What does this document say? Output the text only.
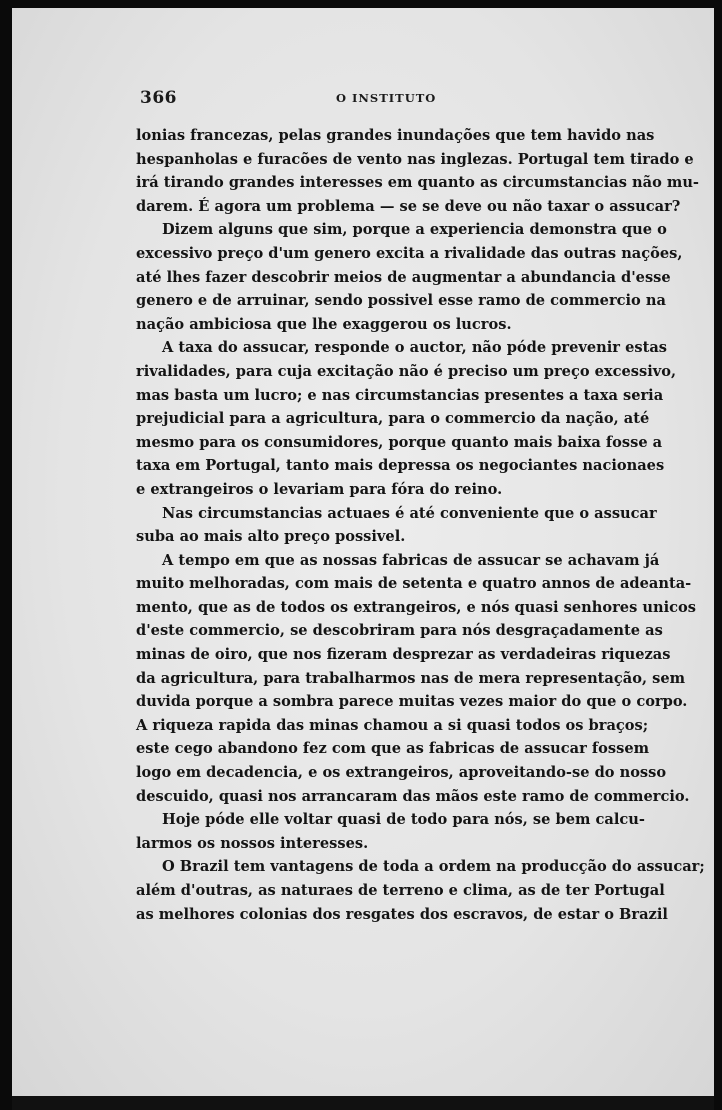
366	O INSTITUTO
lonias francezas, pelas grandes inundações que tem havido nas
hespanholas e furacões de vento nas inglezas. Portugal tem tirado e
irá tirando grandes interesses em quanto as circumstancias não mu-
darem. É agora um problema — se se deve ou não taxar o assucar?
Dizem alguns que sim, porque a experiencia demonstra que o
excessivo preço d'um genero excita a rivalidade das outras nações,
até lhes fazer descobrir meios de augmentar a abundancia d'esse
genero e de arruinar, sendo possivel esse ramo de commercio na
nação ambiciosa que lhe exaggerou os lucros.
A taxa do assucar, responde o auctor, não póde prevenir estas
rivalidades, para cuja excitação não é preciso um preço excessivo,
mas basta um lucro; e nas circumstancias presentes a taxa seria
prejudicial para a agricultura, para o commercio da nação, até
mesmo para os consumidores, porque quanto mais baixa fosse a
taxa em Portugal, tanto mais depressa os negociantes nacionaes
e extrangeiros o levariam para fóra do reino.
Nas circumstancias actuaes é até conveniente que o assucar
suba ao mais alto preço possivel.
A tempo em que as nossas fabricas de assucar se achavam já
muito melhoradas, com mais de setenta e quatro annos de adeanta-
mento, que as de todos os extrangeiros, e nós quasi senhores unicos
d'este commercio, se descobriram para nós desgraçadamente as
minas de oiro, que nos fizeram desprezar as verdadeiras riquezas
da agricultura, para trabalharmos nas de mera representação, sem
duvida porque a sombra parece muitas vezes maior do que o corpo.
A riqueza rapida das minas chamou a si quasi todos os braços;
este cego abandono fez com que as fabricas de assucar fossem
logo em decadencia, e os extrangeiros, aproveitando-se do nosso
descuido, quasi nos arrancaram das mãos este ramo de commercio.
Hoje póde elle voltar quasi de todo para nós, se bem calcu-
larmos os nossos interesses.
O Brazil tem vantagens de toda a ordem na producção do assucar;
além d'outras, as naturaes de terreno e clima, as de ter Portugal
as melhores colonias dos resgates dos escravos, de estar o Brazil
